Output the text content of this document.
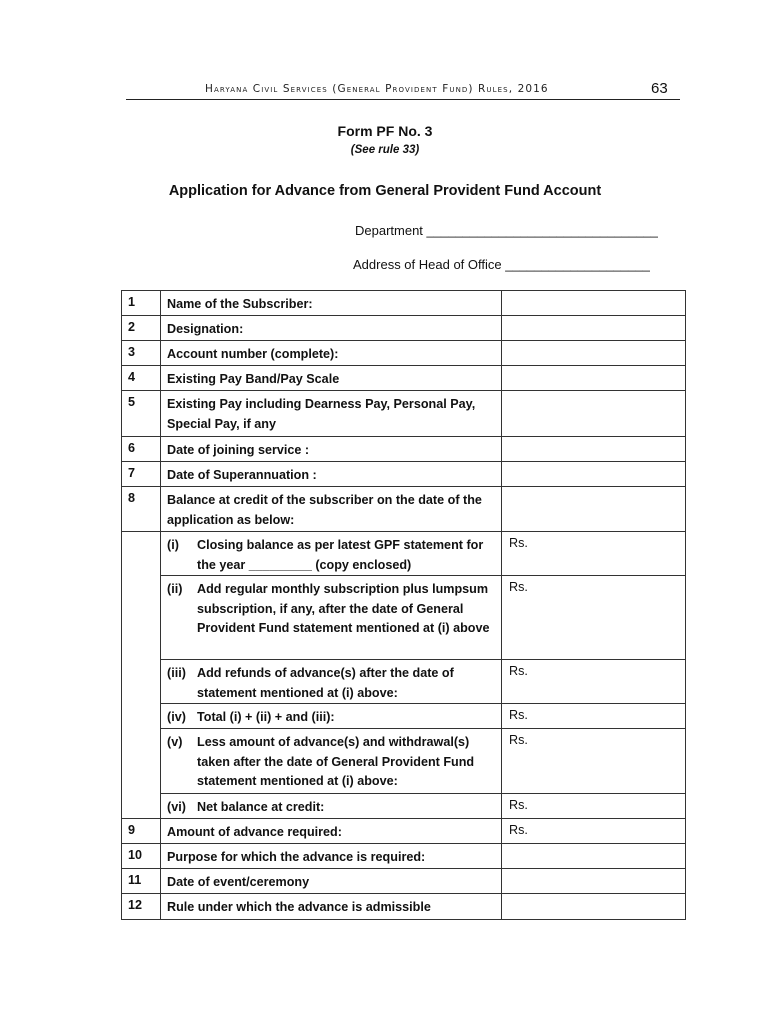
Haryana Civil Services (General Provident Fund) Rules, 2016	63
Form PF No. 3
(See rule 33)
Application for Advance from General Provident Fund Account
Department ________________________________
Address of Head of Office ____________________
1	Name of the Subscriber:	
2	Designation:	
3	Account number (complete):	
4	Existing Pay Band/Pay Scale	
5	Existing Pay including Dearness Pay, Personal Pay, Special Pay, if any	
6	Date of joining service :	
7	Date of Superannuation :	
8	Balance at credit of the subscriber on the date of the application as below:	

	(i) Closing balance as per latest GPF statement for the year _________ (copy enclosed)	Rs.

	(ii) Add regular monthly subscription plus lumpsum subscription, if any, after the date of General Provident Fund statement mentioned at (i) above	Rs.

	(iii) Add refunds of advance(s) after the date of statement mentioned at (i) above:	Rs.

	(iv) Total (i) + (ii) + and (iii):	Rs.

	(v) Less amount of advance(s) and withdrawal(s) taken after the date of General Provident Fund statement mentioned at (i) above:	Rs.

	(vi) Net balance at credit:	Rs.
9	Amount of advance required:	Rs.
10	Purpose for which the advance is required:	
11	Date of event/ceremony	
12	Rule under which the advance is admissible	
